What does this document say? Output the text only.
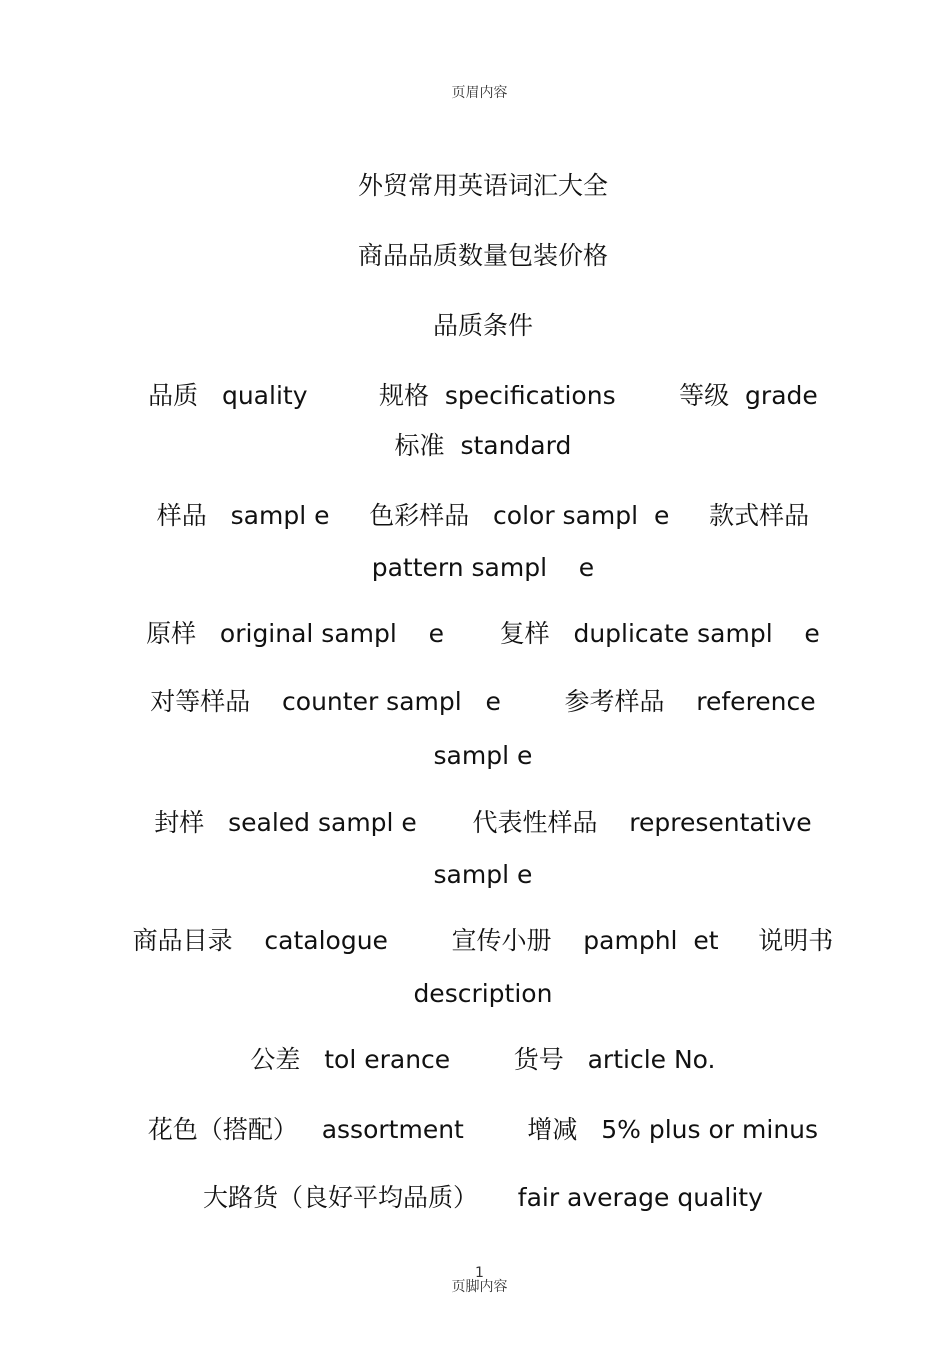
页眉内容

外贸常用英语词汇大全

商品品质数量包装价格

品质条件

品质   quality         规格  specifications        等级  grade

标准  standard

样品   sampl e     色彩样品   color sampl  e     款式样品

pattern sampl    e

原样   original sampl    e       复样   duplicate sampl    e

对等样品    counter sampl   e        参考样品    reference

sampl e

封样   sealed sampl e       代表性样品    representative

sampl e

商品目录    catalogue        宣传小册    pamphl  et     说明书

description

公差   tol erance        货号   article No.

花色（搭配）   assortment        增减   5% plus or minus

大路货（良好平均品质）     fair average quality

1
页脚内容
